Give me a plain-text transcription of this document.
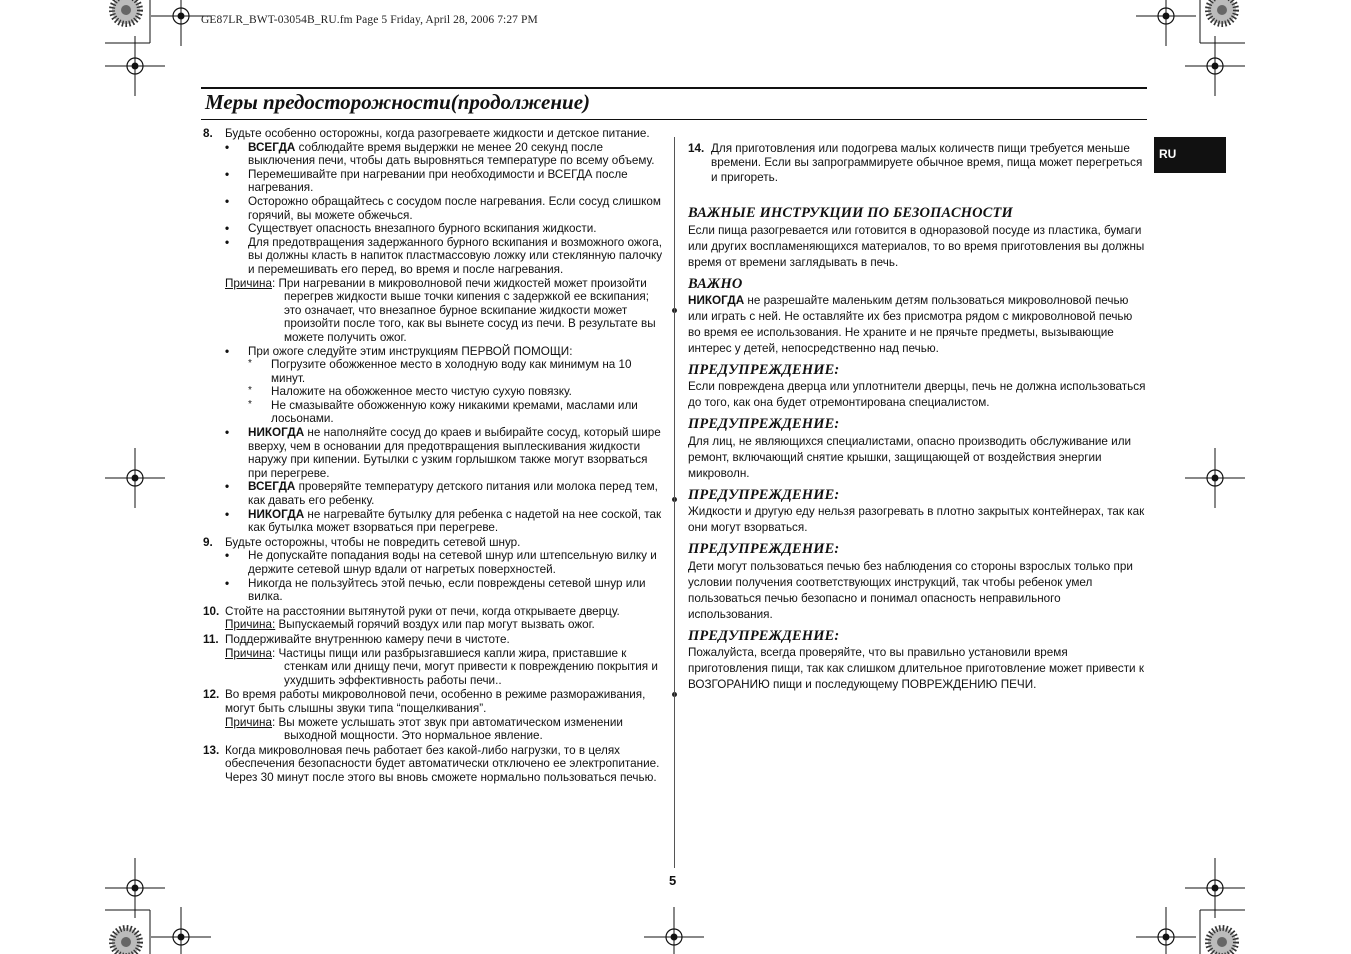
GE87LR_BWT-03054B_RU.fm Page 5 Friday, April 28, 2006 7:27 PM
Меры предосторожности(продолжение)
RU
8. Будьте особенно осторожны, когда разогреваете жидкости и детское питание.
• ВСЕГДА соблюдайте время выдержки не менее 20 секунд после выключения печи, чтобы дать выровняться температуре по всему объему.
• Перемешивайте при нагревании при необходимости и ВСЕГДА после нагревания.
• Осторожно обращайтесь с сосудом после нагревания. Если сосуд слишком горячий, вы можете обжечься.
• Существует опасность внезапного бурного вскипания жидкости.
• Для предотвращения задержанного бурного вскипания и возможного ожога, вы должны класть в напиток пластмассовую ложку или стеклянную палочку и перемешивать его перед, во время и после нагревания.
Причина: При нагревании в микроволновой печи жидкостей может произойти перегрев жидкости выше точки кипения с задержкой ее вскипания; это означает, что внезапное бурное вскипание жидкости может произойти после того, как вы вынете сосуд из печи. В результате вы можете получить ожог.
• При ожоге следуйте этим инструкциям ПЕРВОЙ ПОМОЩИ:
* Погрузите обожженное место в холодную воду как минимум на 10 минут.
* Наложите на обожженное место чистую сухую повязку.
* Не смазывайте обожженную кожу никакими кремами, маслами или лосьонами.
• НИКОГДА не наполняйте сосуд до краев и выбирайте сосуд, который шире вверху, чем в основании для предотвращения выплескивания жидкости наружу при кипении. Бутылки с узким горлышком также могут взорваться при перегреве.
• ВСЕГДА проверяйте температуру детского питания или молока перед тем, как давать его ребенку.
• НИКОГДА не нагревайте бутылку для ребенка с надетой на нее соской, так как бутылка может взорваться при перегреве.
9. Будьте осторожны, чтобы не повредить сетевой шнур.
• Не допускайте попадания воды на сетевой шнур или штепсельную вилку и держите сетевой шнур вдали от нагретых поверхностей.
• Никогда не пользуйтесь этой печью, если повреждены сетевой шнур или вилка.
10. Стойте на расстоянии вытянутой руки от печи, когда открываете дверцу.
Причина: Выпускаемый горячий воздух или пар могут вызвать ожог.
11. Поддерживайте внутреннюю камеру печи в чистоте.
Причина: Частицы пищи или разбрызгавшиеся капли жира, приставшие к стенкам или днищу печи, могут привести к повреждению покрытия и ухудшить эффективность работы печи..
12. Во время работы микроволновой печи, особенно в режиме размораживания, могут быть слышны звуки типа “пощелкивания”.
Причина: Вы можете услышать этот звук при автоматическом изменении выходной мощности. Это нормальное явление.
13. Когда микроволновая печь работает без какой-либо нагрузки, то в целях обеспечения безопасности будет автоматически отключено ее электропитание. Через 30 минут после этого вы вновь сможете нормально пользоваться печью.
14. Для приготовления или подогрева малых количеств пищи требуется меньше времени. Если вы запрограммируете обычное время, пища может перегреться и пригореть.
ВАЖНЫЕ ИНСТРУКЦИИ ПО БЕЗОПАСНОСТИ
Если пища разогревается или готовится в одноразовой посуде из пластика, бумаги или других воспламеняющихся материалов, то во время приготовления вы должны время от времени заглядывать в печь.
ВАЖНО
НИКОГДА не разрешайте маленьким детям пользоваться микроволновой печью или играть с ней. Не оставляйте их без присмотра рядом с микроволновой печью во время ее использования. Не храните и не прячьте предметы, вызывающие интерес у детей, непосредственно над печью.
ПРЕДУПРЕЖДЕНИЕ:
Если повреждена дверца или уплотнители дверцы, печь не должна использоваться до того, как она будет отремонтирована специалистом.
ПРЕДУПРЕЖДЕНИЕ:
Для лиц, не являющихся специалистами, опасно производить обслуживание или ремонт, включающий снятие крышки, защищающей от воздействия энергии микроволн.
ПРЕДУПРЕЖДЕНИЕ:
Жидкости и другую еду нельзя разогревать в плотно закрытых контейнерах, так как они могут взорваться.
ПРЕДУПРЕЖДЕНИЕ:
Дети могут пользоваться печью без наблюдения со стороны взрослых только при условии получения соответствующих инструкций, так чтобы ребенок умел пользоваться печью безопасно и понимал опасность неправильного использования.
ПРЕДУПРЕЖДЕНИЕ:
Пожалуйста, всегда проверяйте, что вы правильно установили время приготовления пищи, так как слишком длительное приготовление может привести к ВОЗГОРАНИЮ пищи и последующему ПОВРЕЖДЕНИЮ ПЕЧИ.
5
